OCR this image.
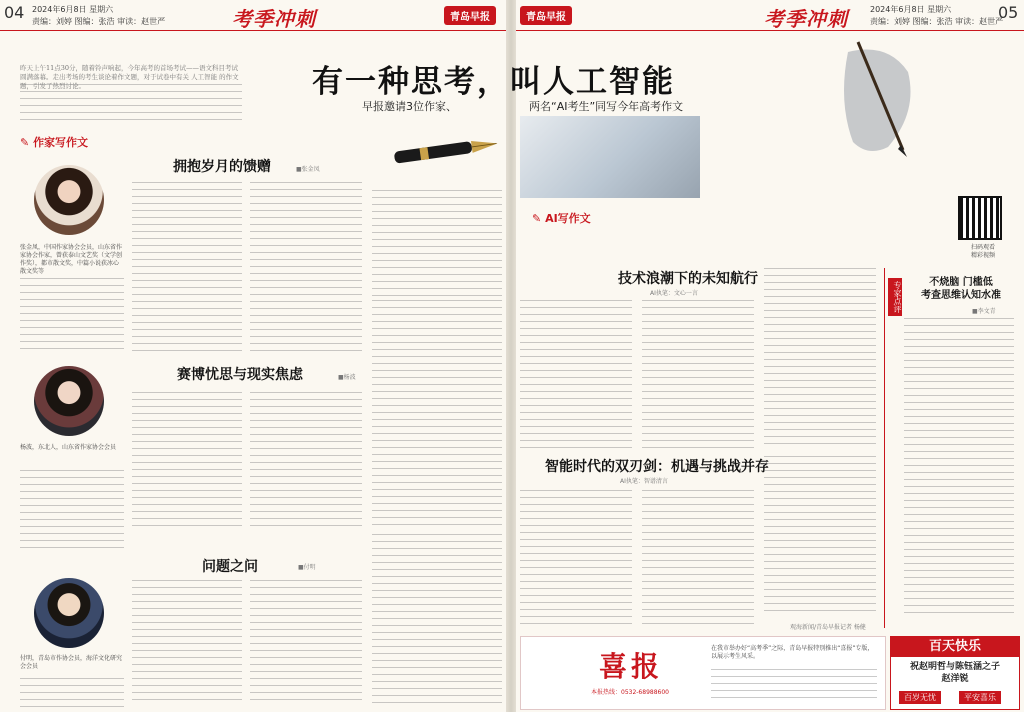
04 2024年6月8日 星期六
责编：刘婷 图编：张浩 审读：赵世严	考季冲刺	青岛早报	青岛早报	考季冲刺	2024年6月8日 星期六
责编：刘婷 图编：张浩 审读：赵世严
05
有一种思考，叫人工智能
早报邀请3位作家、	两名“AI考生”同写今年高考作文
昨天上午11点30分，随着铃声响起，今年高考的首场考试——语文科目考试圆满落幕。走出考场的考生谈论着作文题，对于试卷中有关 人工智能 的作文题，引发了热烈讨论。
✎ 作家写作文
张金凤，中国作家协会会员，山东省作家协会作家，曾获泰山文艺奖（文学创作奖），都市散文奖，中篇小说获冰心散文奖等
杨波，东北人，山东省作家协会会员
付明，青岛市作协会员，海洋文化研究会会员
拥抱岁月的馈赠	■张金凤
赛博忧思与现实焦虑	■杨波
问题之问	■付明
✎ AI写作文
扫码观看
精彩视频
技术浪潮下的未知航行
AI执笔：文心一言
智能时代的双刃剑：机遇与挑战并存
AI执笔：智谱清言
观海新闻/青岛早报记者 杨健
专家点评	不烧脑 门槛低
考查思维认知水准
■李文青
喜报
本报热线：0532-68988600
在我市举办好“高考季”之际，青岛早报特别推出“喜报”专版，以展示考生风采。
百天快乐
祝赵明哲与陈钰涵之子
赵洋锐
百岁无忧	平安喜乐
